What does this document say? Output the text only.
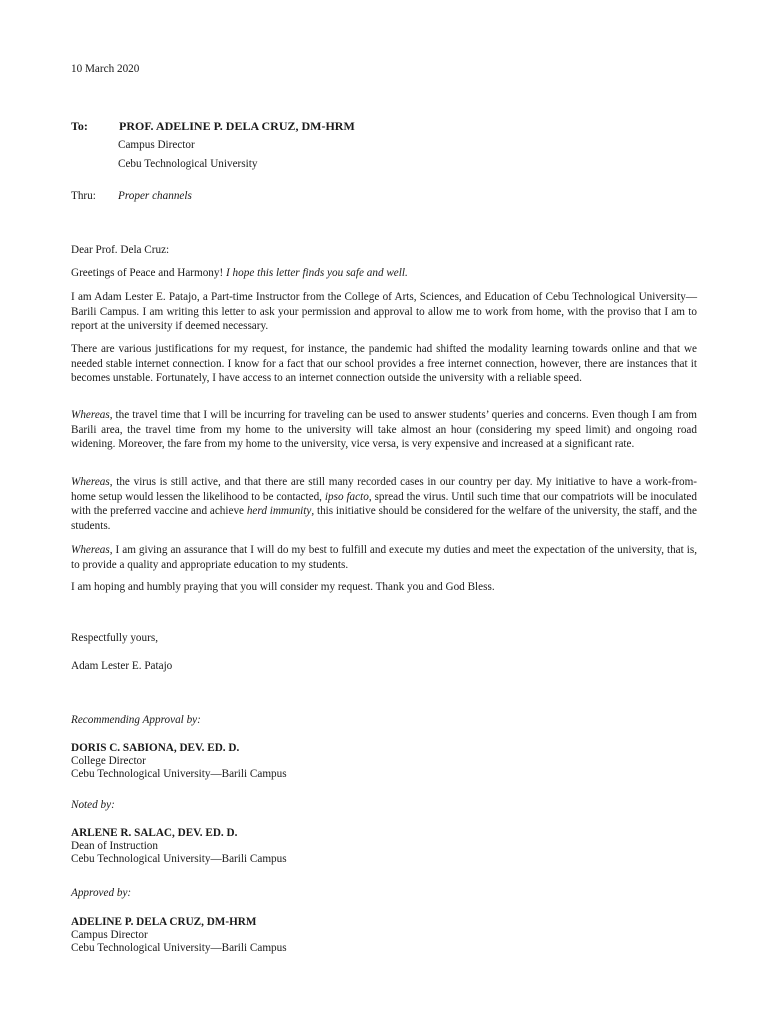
10 March 2020
To:	PROF. ADELINE P. DELA CRUZ, DM-HRM
Campus Director
Cebu Technological University
Thru: Proper channels
Dear Prof. Dela Cruz:
Greetings of Peace and Harmony! I hope this letter finds you safe and well.
I am Adam Lester E. Patajo, a Part-time Instructor from the College of Arts, Sciences, and Education of Cebu Technological University—Barili Campus. I am writing this letter to ask your permission and approval to allow me to work from home, with the proviso that I am to report at the university if deemed necessary.
There are various justifications for my request, for instance, the pandemic had shifted the modality learning towards online and that we needed stable internet connection. I know for a fact that our school provides a free internet connection, however, there are instances that it becomes unstable. Fortunately, I have access to an internet connection outside the university with a reliable speed.
Whereas, the travel time that I will be incurring for traveling can be used to answer students’ queries and concerns. Even though I am from Barili area, the travel time from my home to the university will take almost an hour (considering my speed limit) and ongoing road widening. Moreover, the fare from my home to the university, vice versa, is very expensive and increased at a significant rate.
Whereas, the virus is still active, and that there are still many recorded cases in our country per day. My initiative to have a work-from-home setup would lessen the likelihood to be contacted, ipso facto, spread the virus. Until such time that our compatriots will be inoculated with the preferred vaccine and achieve herd immunity, this initiative should be considered for the welfare of the university, the staff, and the students.
Whereas, I am giving an assurance that I will do my best to fulfill and execute my duties and meet the expectation of the university, that is, to provide a quality and appropriate education to my students.
I am hoping and humbly praying that you will consider my request. Thank you and God Bless.
Respectfully yours,
Adam Lester E. Patajo
Recommending Approval by:
DORIS C. SABIONA, DEV. ED. D.
College Director
Cebu Technological University—Barili Campus
Noted by:
ARLENE R. SALAC, DEV. ED. D.
Dean of Instruction
Cebu Technological University—Barili Campus
Approved by:
ADELINE P. DELA CRUZ, DM-HRM
Campus Director
Cebu Technological University—Barili Campus
